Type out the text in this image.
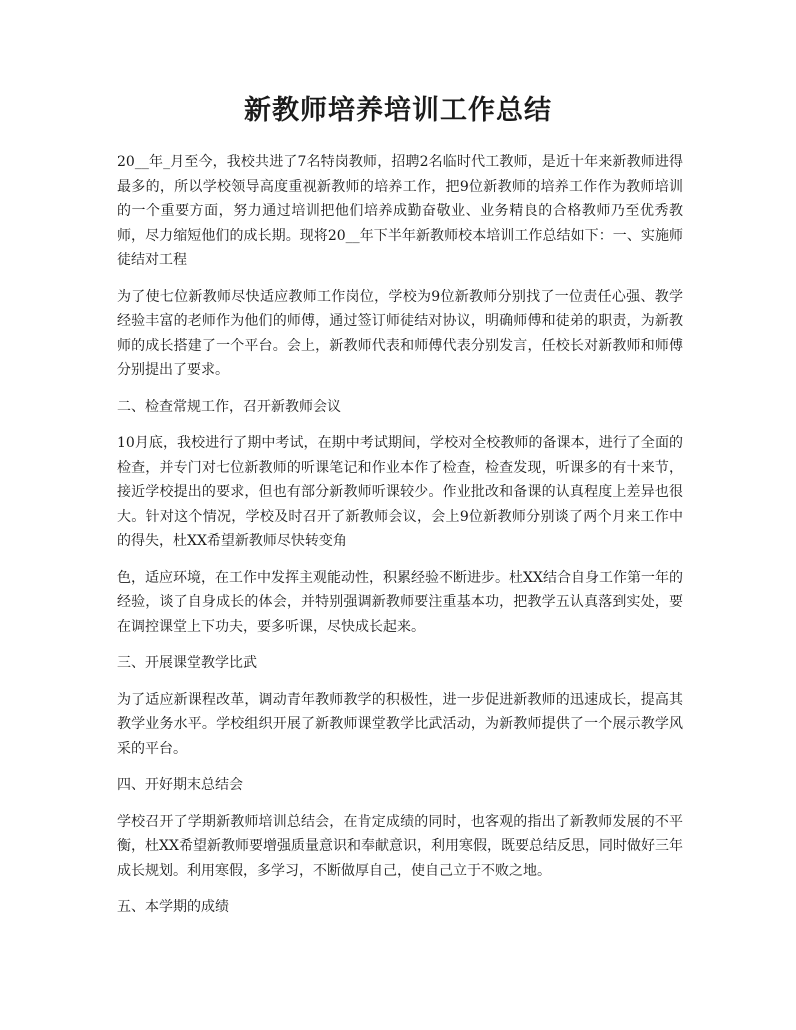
新教师培养培训工作总结

20__年_月至今，我校共进了7名特岗教师，招聘2名临时代工教师，是近十年来新教师进得最多的，所以学校领导高度重视新教师的培养工作，把9位新教师的培养工作作为教师培训的一个重要方面，努力通过培训把他们培养成勤奋敬业、业务精良的合格教师乃至优秀教师，尽力缩短他们的成长期。现将20__年下半年新教师校本培训工作总结如下：一、实施师徒结对工程

为了使七位新教师尽快适应教师工作岗位，学校为9位新教师分别找了一位责任心强、教学经验丰富的老师作为他们的师傅，通过签订师徒结对协议，明确师傅和徒弟的职责，为新教师的成长搭建了一个平台。会上，新教师代表和师傅代表分别发言，任校长对新教师和师傅分别提出了要求。

二、检查常规工作，召开新教师会议

10月底，我校进行了期中考试，在期中考试期间，学校对全校教师的备课本，进行了全面的检查，并专门对七位新教师的听课笔记和作业本作了检查，检查发现，听课多的有十来节，接近学校提出的要求，但也有部分新教师听课较少。作业批改和备课的认真程度上差异也很大。针对这个情况，学校及时召开了新教师会议，会上9位新教师分别谈了两个月来工作中的得失，杜XX希望新教师尽快转变角

色，适应环境，在工作中发挥主观能动性，积累经验不断进步。杜XX结合自身工作第一年的经验，谈了自身成长的体会，并特别强调新教师要注重基本功，把教学五认真落到实处，要在调控课堂上下功夫，要多听课，尽快成长起来。

三、开展课堂教学比武

为了适应新课程改革，调动青年教师教学的积极性，进一步促进新教师的迅速成长，提高其教学业务水平。学校组织开展了新教师课堂教学比武活动，为新教师提供了一个展示教学风采的平台。

四、开好期末总结会

学校召开了学期新教师培训总结会，在肯定成绩的同时，也客观的指出了新教师发展的不平衡，杜XX希望新教师要增强质量意识和奉献意识，利用寒假，既要总结反思，同时做好三年成长规划。利用寒假，多学习，不断做厚自己，使自己立于不败之地。

五、本学期的成绩
